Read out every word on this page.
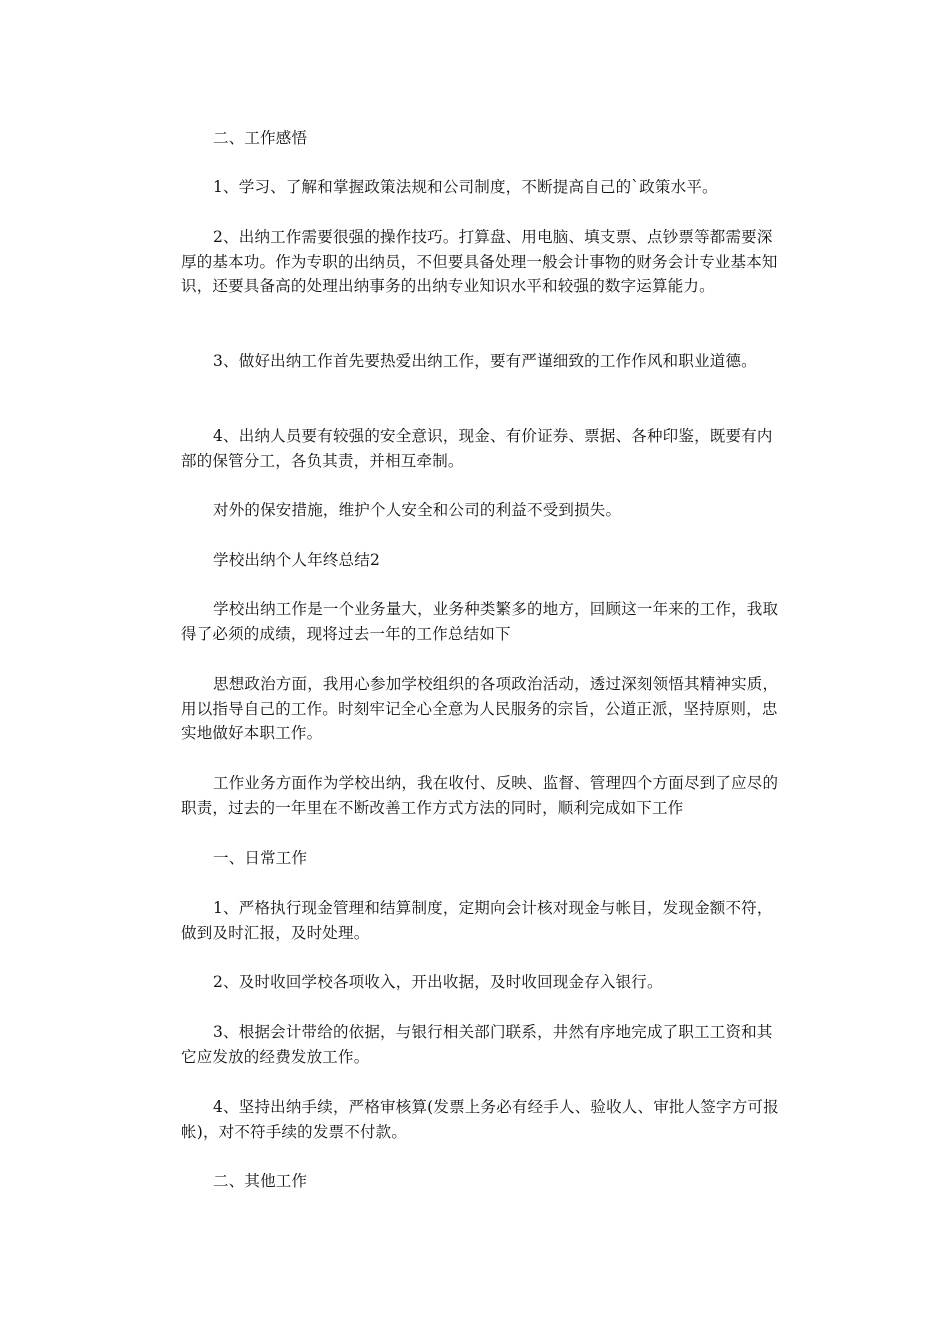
二、工作感悟

1、学习、了解和掌握政策法规和公司制度，不断提高自己的`政策水平。

2、出纳工作需要很强的操作技巧。打算盘、用电脑、填支票、点钞票等都需要深厚的基本功。作为专职的出纳员，不但要具备处理一般会计事物的财务会计专业基本知识，还要具备高的处理出纳事务的出纳专业知识水平和较强的数字运算能力。

3、做好出纳工作首先要热爱出纳工作，要有严谨细致的工作作风和职业道德。

4、出纳人员要有较强的安全意识，现金、有价证券、票据、各种印鉴，既要有内部的保管分工，各负其责，并相互牵制。

对外的保安措施，维护个人安全和公司的利益不受到损失。

学校出纳个人年终总结2

学校出纳工作是一个业务量大，业务种类繁多的地方，回顾这一年来的工作，我取得了必须的成绩，现将过去一年的工作总结如下

思想政治方面，我用心参加学校组织的各项政治活动，透过深刻领悟其精神实质，用以指导自己的工作。时刻牢记全心全意为人民服务的宗旨，公道正派，坚持原则，忠实地做好本职工作。

工作业务方面作为学校出纳，我在收付、反映、监督、管理四个方面尽到了应尽的职责，过去的一年里在不断改善工作方式方法的同时，顺利完成如下工作

一、日常工作

1、严格执行现金管理和结算制度，定期向会计核对现金与帐目，发现金额不符，做到及时汇报，及时处理。

2、及时收回学校各项收入，开出收据，及时收回现金存入银行。

3、根据会计带给的依据，与银行相关部门联系，井然有序地完成了职工工资和其它应发放的经费发放工作。

4、坚持出纳手续，严格审核算(发票上务必有经手人、验收人、审批人签字方可报帐)，对不符手续的发票不付款。

二、其他工作
